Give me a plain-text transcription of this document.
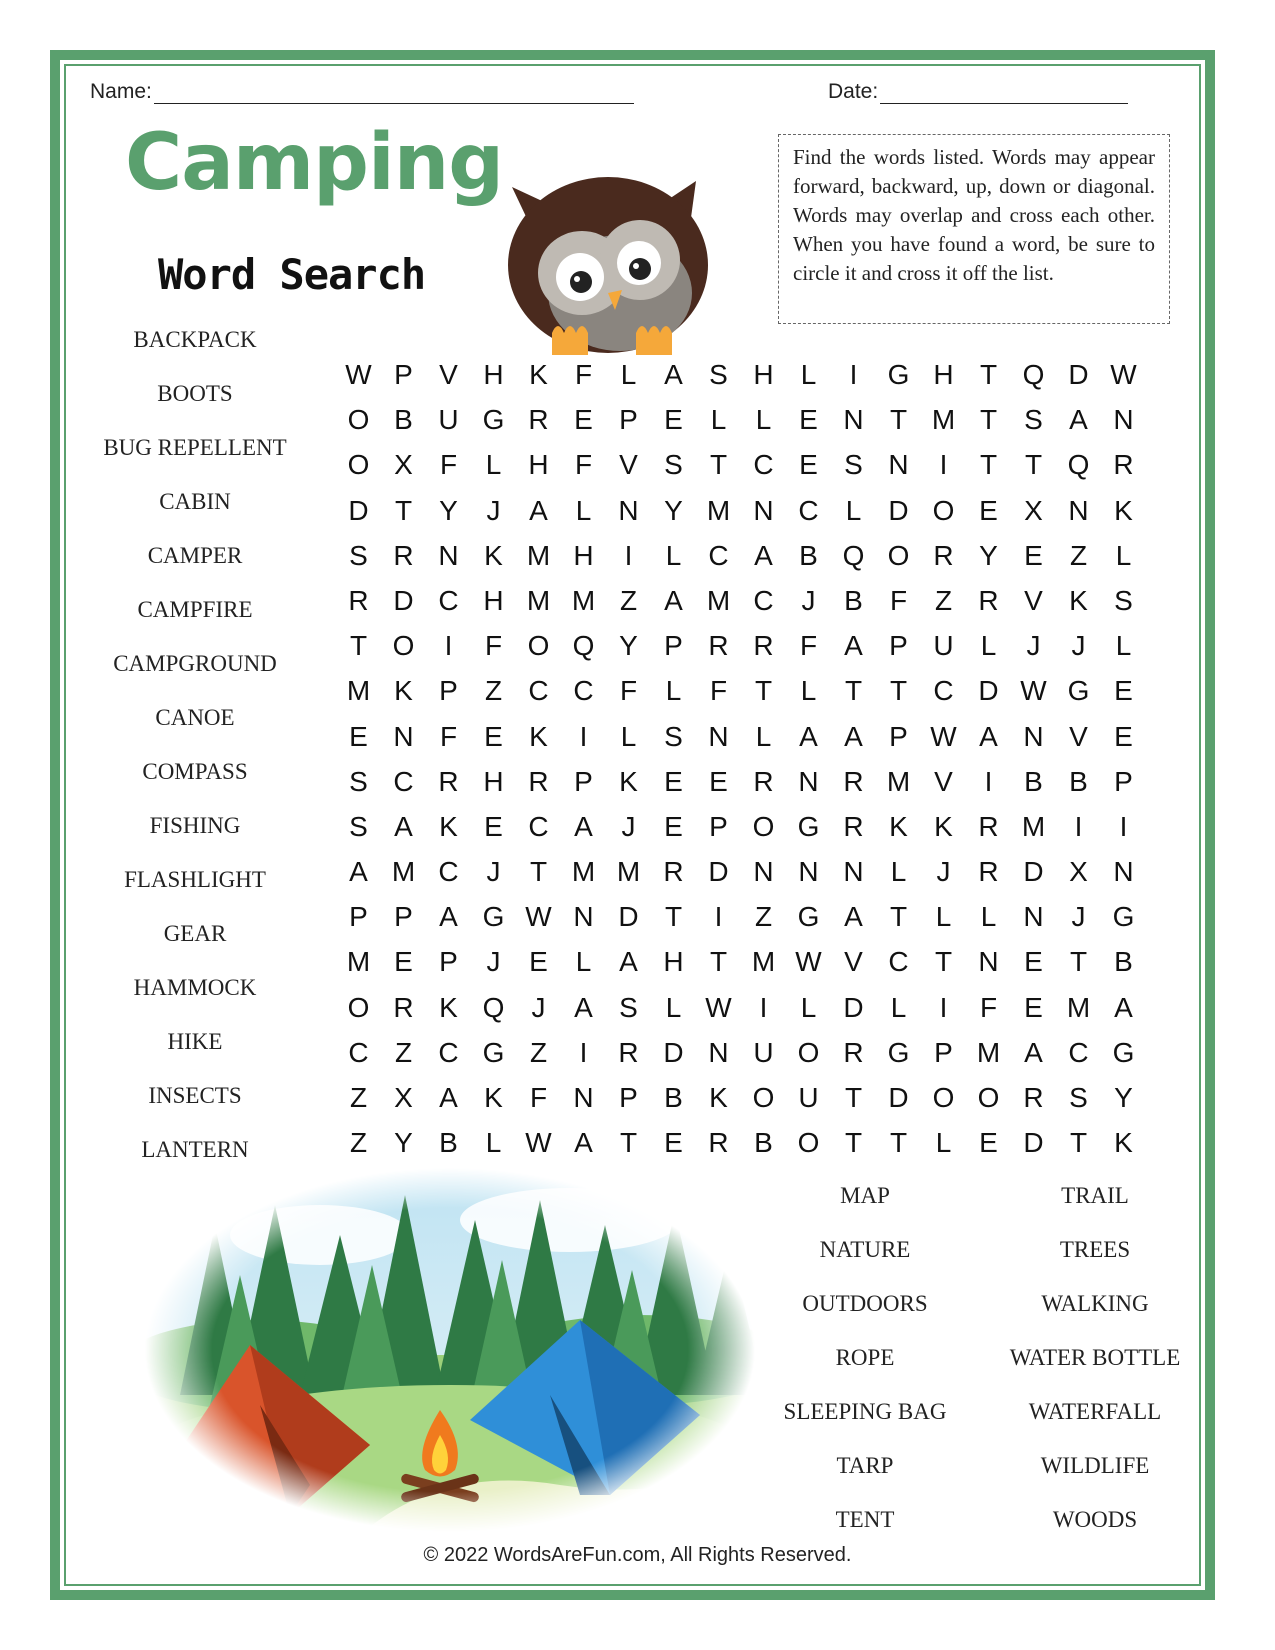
Name:	Date:
Camping
Word Search
Find the words listed. Words may appear forward, backward, up, down or diagonal. Words may overlap and cross each other. When you have found a word, be sure to circle it and cross it off the list.
BACKPACK
BOOTS
BUG REPELLENT
CABIN
CAMPER
CAMPFIRE
CAMPGROUND
CANOE
COMPASS
FISHING
FLASHLIGHT
GEAR
HAMMOCK
HIKE
INSECTS
LANTERN
W P V H K F	L A S H L	I	G H T Q D W
O B U G R E P E L	L E N T M T S A N
O X F	L H F V S T C E S N	I	T T Q R
D T Y	J	A L N Y M N C L D O E X N K
S R N K M H	I	L C A B Q O R Y E Z	L
R D C H M M Z A M C J	B F Z R V K S
T O	I	F O Q Y P R R F A P U L	J	J	L
M K P Z C C F	L	F T	L	T T C D W G E
E N F E K	I	L S N L A A P W A N V E
S C R H R P K E E R N R M V	I	B B P
S A K E C A	J	E P O G R K K R M	I	I
A M C J	T M M R D N N N L	J R D X N
P P A G W N D T	I	Z G A T	L	L N J G
M E P	J	E L A H T M W V C T N E T B
O R K Q J	A S L W I	L D L	I	F E M A
C Z C G Z	I	R D N U O R G P M A C G
Z X A K F N P B K O U T D O O R S Y
Z Y B L W A T E R B O T T	L E D T K
MAP
NATURE
OUTDOORS
ROPE
SLEEPING BAG
TARP
TENT
TRAIL
TREES
WALKING
WATER BOTTLE
WATERFALL
WILDLIFE
WOODS
© 2022 WordsAreFun.com, All Rights Reserved.
